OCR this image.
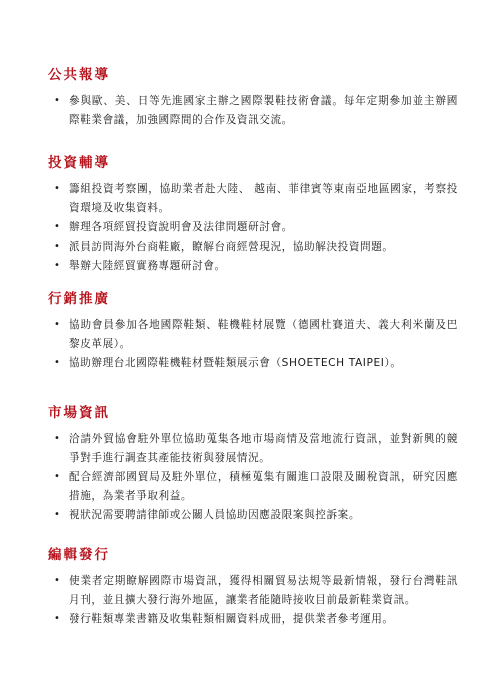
公共報導
• 參與歐、美、日等先進國家主辦之國際製鞋技術會議。每年定期參加並主辦國際鞋業會議，加強國際間的合作及資訊交流。
投資輔導
• 籌組投資考察團，協助業者赴大陸、 越南、菲律賓等東南亞地區國家，考察投資環境及收集資料。
• 辦理各項經貿投資說明會及法律問題研討會。
• 派員訪問海外台商鞋廠，瞭解台商經營現況，協助解決投資問題。
• 舉辦大陸經貿實務專題研討會。
行銷推廣
• 協助會員參加各地國際鞋類、鞋機鞋材展覽（德國杜賽道夫、義大利米蘭及巴黎皮革展）。
• 協助辦理台北國際鞋機鞋材暨鞋類展示會（SHOETECH TAIPEI）。
市場資訊
• 洽請外貿協會駐外單位協助蒐集各地市場商情及當地流行資訊，並對新興的競爭對手進行調查其產能技術與發展情況。
• 配合經濟部國貿局及駐外單位，積極蒐集有關進口設限及關稅資訊，研究因應措施，為業者爭取利益。
• 視狀況需要聘請律師或公關人員協助因應設限案與控訴案。
編輯發行
• 使業者定期瞭解國際市場資訊，獲得相關貿易法規等最新情報，發行台灣鞋訊月刊，並且擴大發行海外地區，讓業者能隨時接收目前最新鞋業資訊。
• 發行鞋類專業書籍及收集鞋類相關資料成冊，提供業者參考運用。
